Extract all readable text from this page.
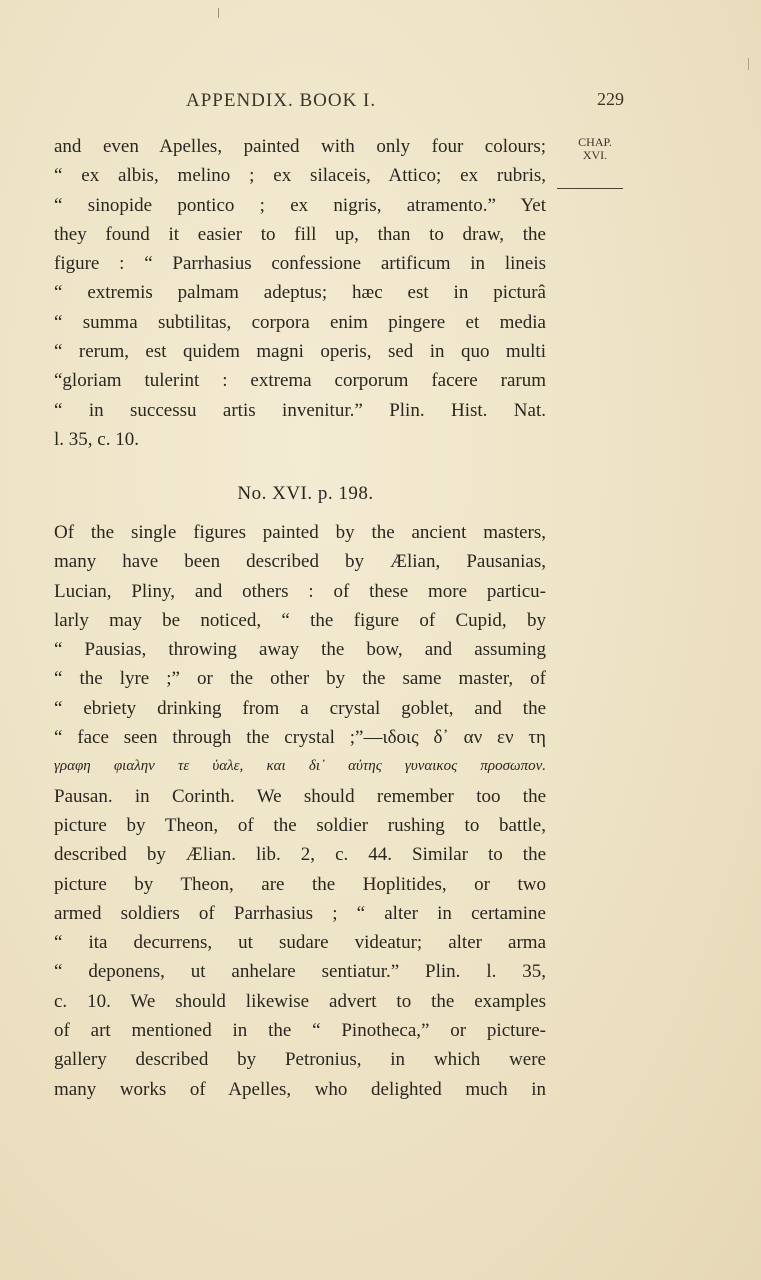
APPENDIX. BOOK I.	229
CHAP.
XVI.
and even Apelles, painted with only four colours;
“ ex albis, melino ; ex silaceis, Attico; ex rubris,
“ sinopide pontico ; ex nigris, atramento.” Yet
they found it easier to fill up, than to draw, the
figure : “ Parrhasius confessione artificum in lineis
“ extremis palmam adeptus; hæc est in picturâ
“ summa subtilitas, corpora enim pingere et media
“ rerum, est quidem magni operis, sed in quo multi
“gloriam tulerint : extrema corporum facere rarum
“ in successu artis invenitur.” Plin. Hist. Nat.
l. 35, c. 10.
No. XVI. p. 198.
Of the single figures painted by the ancient masters,
many have been described by Ælian, Pausanias,
Lucian, Pliny, and others : of these more particu-
larly may be noticed, “ the figure of Cupid, by
“ Pausias, throwing away the bow, and assuming
“ the lyre ;” or the other by the same master, of
“ ebriety drinking from a crystal goblet, and the
“ face seen through the crystal ;”—ιδοις δ᾽ αν εν τη
γραφη φιαλην τε ὑαλε, και δι᾽ αὐτης γυναικος προσωπον.
Pausan. in Corinth. We should remember too the
picture by Theon, of the soldier rushing to battle,
described by Ælian. lib. 2, c. 44. Similar to the
picture by Theon, are the Hoplitides, or two
armed soldiers of Parrhasius ; “ alter in certamine
“ ita decurrens, ut sudare videatur; alter arma
“ deponens, ut anhelare sentiatur.” Plin. l. 35,
c. 10. We should likewise advert to the examples
of art mentioned in the “ Pinotheca,” or picture-
gallery described by Petronius, in which were
many works of Apelles, who delighted much in
